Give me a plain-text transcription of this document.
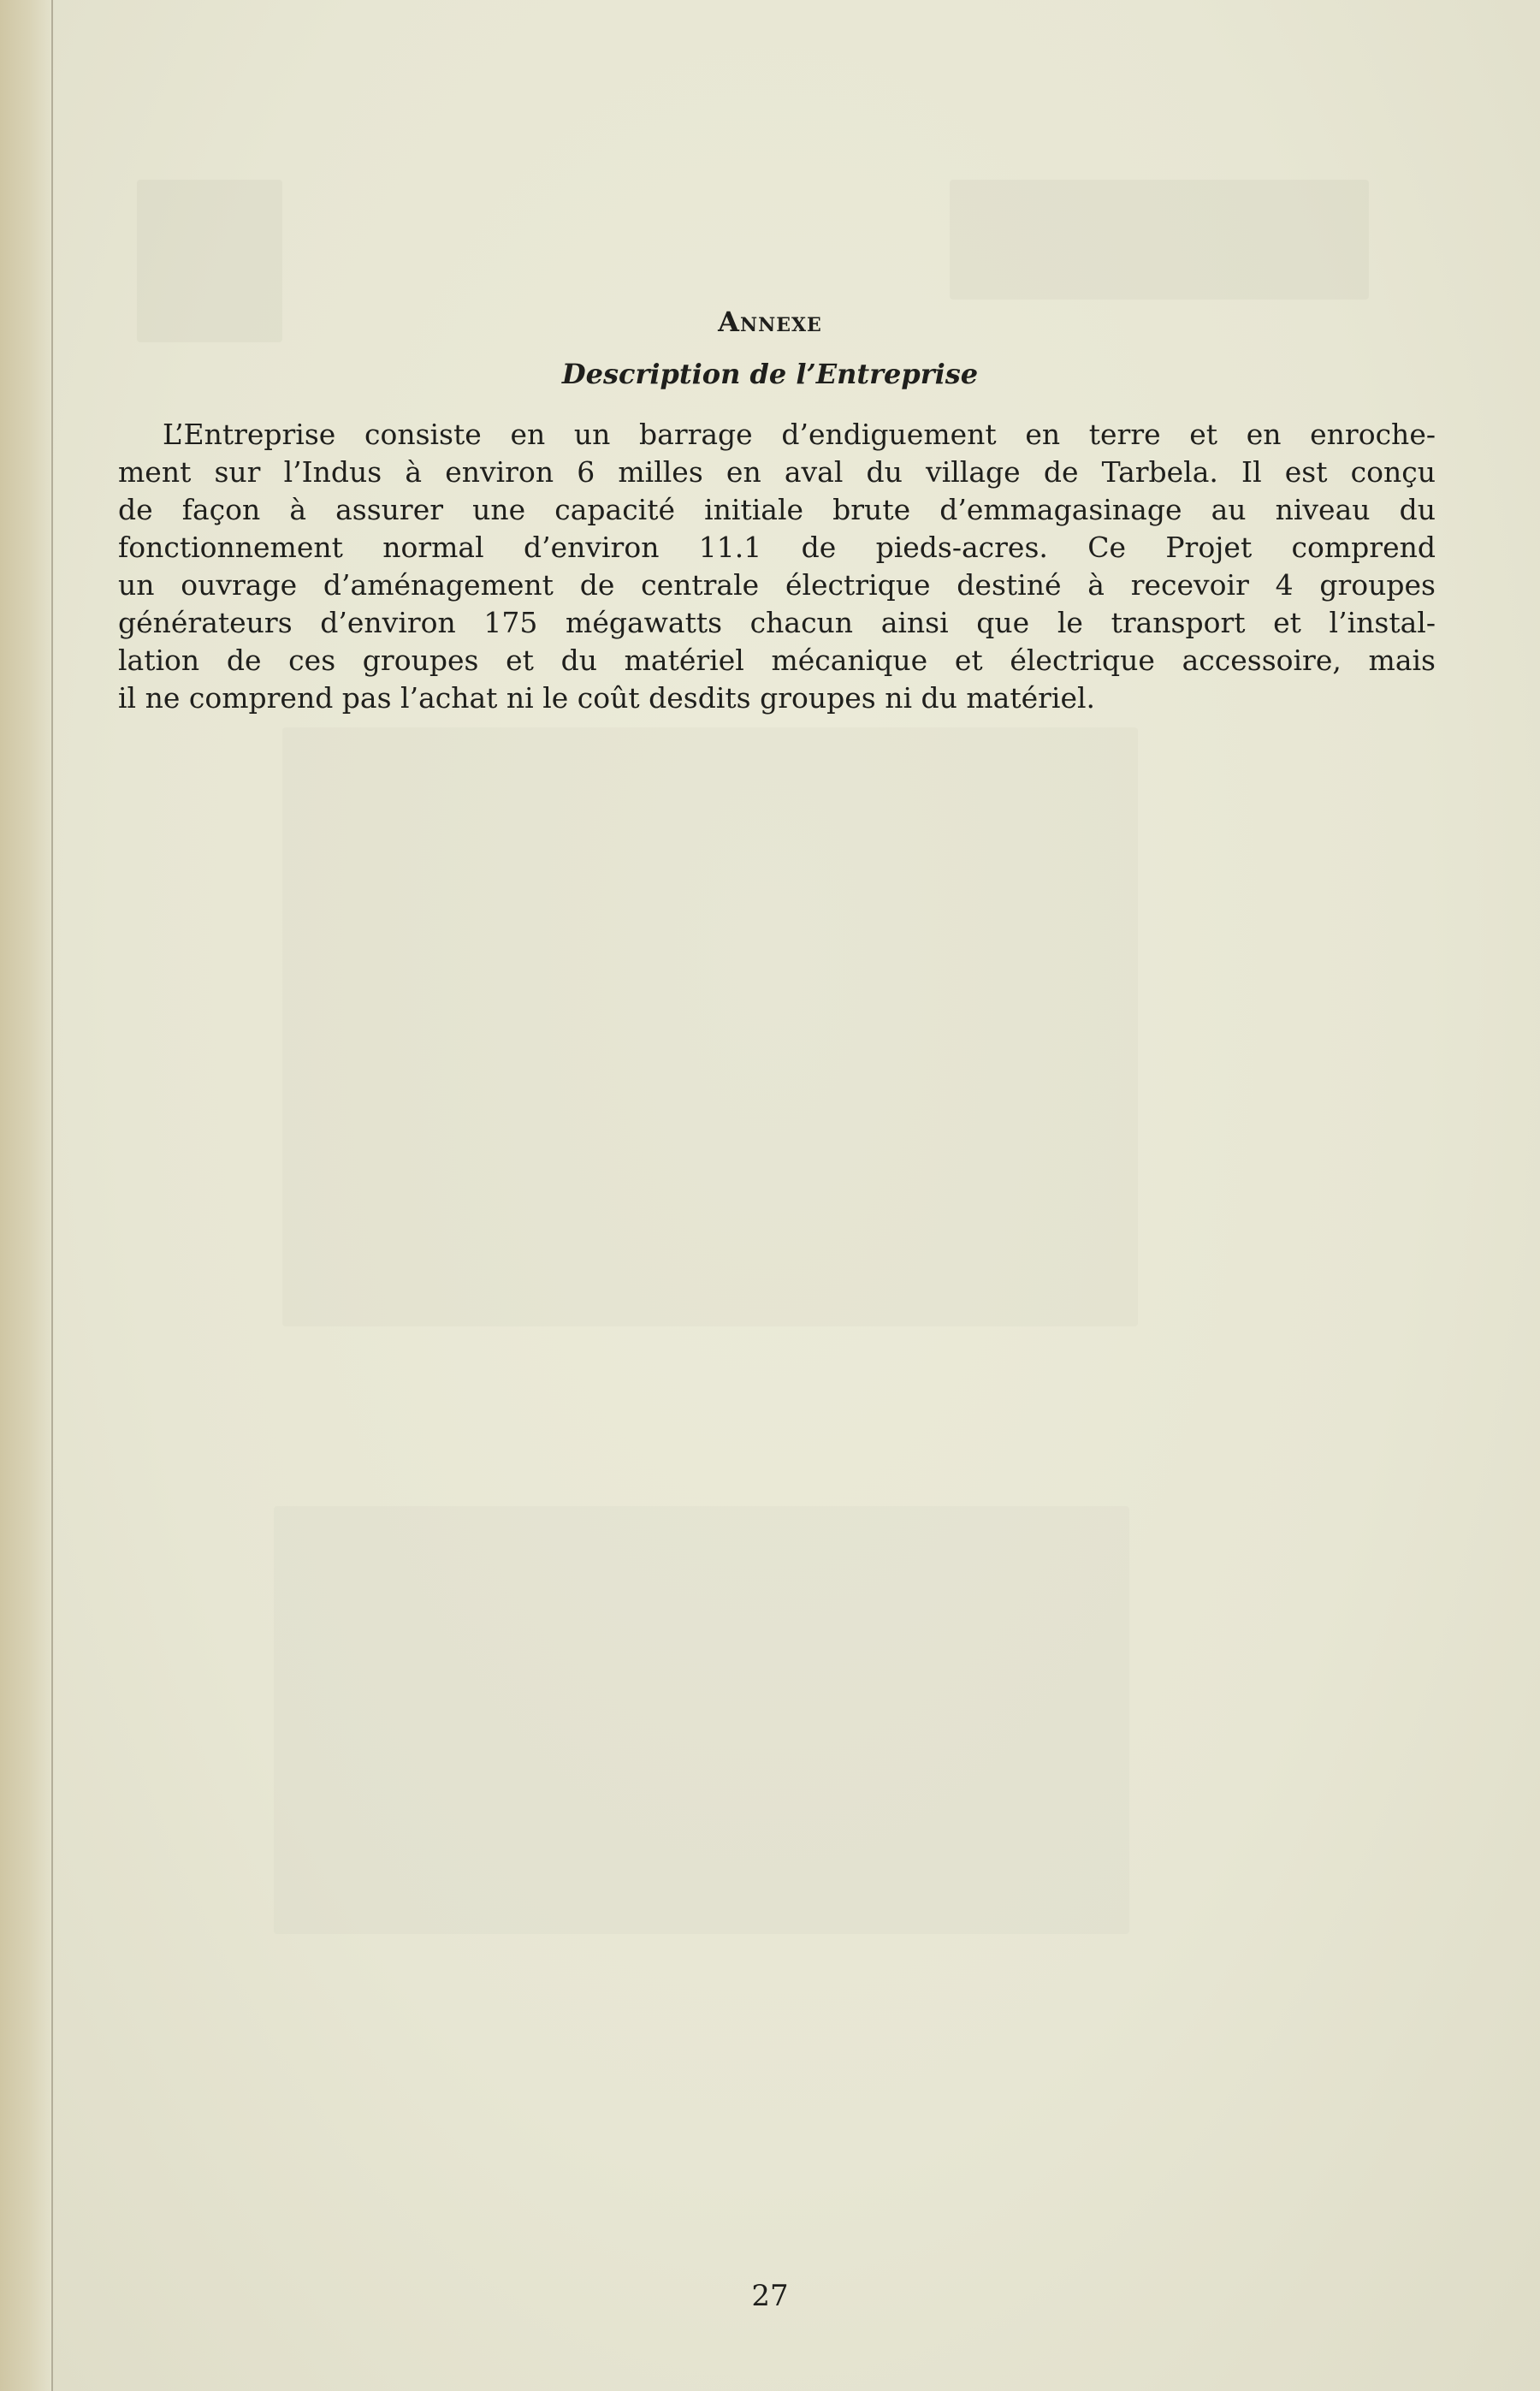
Annexe
Description de l’Entreprise
L’Entreprise consiste en un barrage d’endiguement en terre et en enroche-
ment sur l’Indus à environ 6 milles en aval du village de Tarbela. Il est conçu
de façon à assurer une capacité initiale brute d’emmagasinage au niveau du
fonctionnement normal d’environ 11.1 de pieds-acres. Ce Projet comprend
un ouvrage d’aménagement de centrale électrique destiné à recevoir 4 groupes
générateurs d’environ 175 mégawatts chacun ainsi que le transport et l’instal-
lation de ces groupes et du matériel mécanique et électrique accessoire, mais
il ne comprend pas l’achat ni le coût desdits groupes ni du matériel.
27
